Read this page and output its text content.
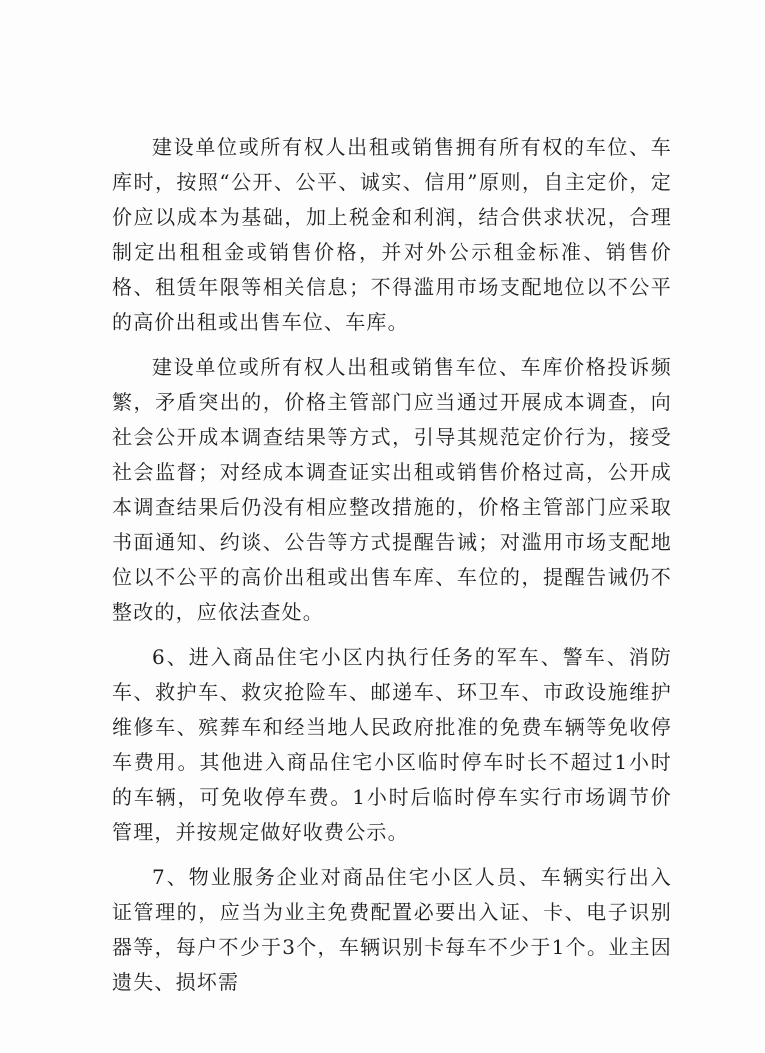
建设单位或所有权人出租或销售拥有所有权的车位、车库时，按照“公开、公平、诚实、信用”原则，自主定价，定价应以成本为基础，加上税金和利润，结合供求状况，合理制定出租租金或销售价格，并对外公示租金标准、销售价格、租赁年限等相关信息；不得滥用市场支配地位以不公平的高价出租或出售车位、车库。

建设单位或所有权人出租或销售车位、车库价格投诉频繁，矛盾突出的，价格主管部门应当通过开展成本调查，向社会公开成本调查结果等方式，引导其规范定价行为，接受社会监督；对经成本调查证实出租或销售价格过高，公开成本调查结果后仍没有相应整改措施的，价格主管部门应采取书面通知、约谈、公告等方式提醒告诫；对滥用市场支配地位以不公平的高价出租或出售车库、车位的，提醒告诫仍不整改的，应依法查处。

6、进入商品住宅小区内执行任务的军车、警车、消防车、救护车、救灾抢险车、邮递车、环卫车、市政设施维护维修车、殡葬车和经当地人民政府批准的免费车辆等免收停车费用。其他进入商品住宅小区临时停车时长不超过1小时的车辆，可免收停车费。1小时后临时停车实行市场调节价管理，并按规定做好收费公示。

7、物业服务企业对商品住宅小区人员、车辆实行出入证管理的，应当为业主免费配置必要出入证、卡、电子识别器等，每户不少于3个，车辆识别卡每车不少于1个。业主因遗失、损坏需
